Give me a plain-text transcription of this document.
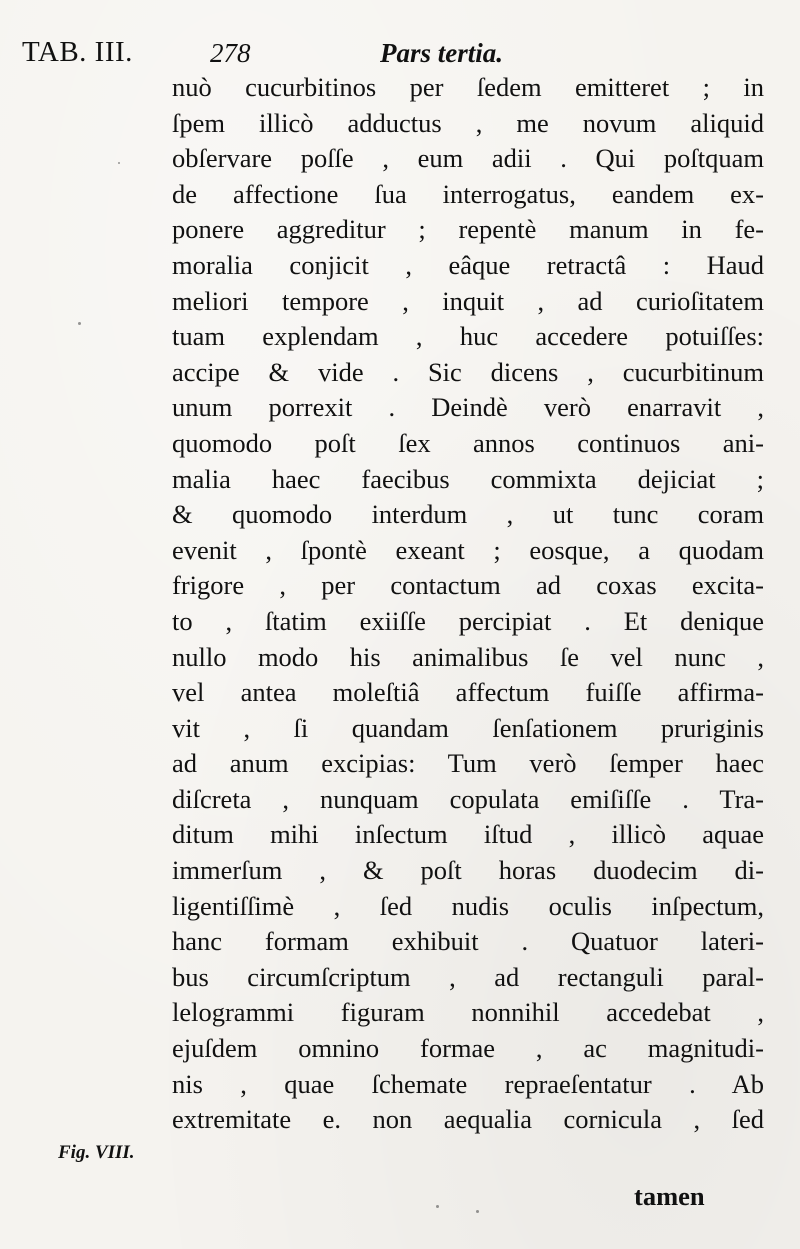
TAB. III.	278	Pars tertia.
nuò cucurbitinos per ſedem emitteret ; in
ſpem illicò adductus , me novum aliquid
obſervare poſſe , eum adii . Qui poſtquam
de affectione ſua interrogatus, eandem ex-
ponere aggreditur ; repentè manum in fe-
moralia conjicit , eâque retractâ : Haud
meliori tempore , inquit , ad curioſitatem
tuam explendam , huc accedere potuiſſes:
accipe & vide . Sic dicens , cucurbitinum
unum porrexit . Deindè verò enarravit ,
quomodo poſt ſex annos continuos ani-
malia haec faecibus commixta dejiciat ;
& quomodo interdum , ut tunc coram
evenit , ſpontè exeant ; eosque, a quodam
frigore , per contactum ad coxas excita-
to , ſtatim exiiſſe percipiat . Et denique
nullo modo his animalibus ſe vel nunc ,
vel antea moleſtiâ affectum fuiſſe affirma-
vit , ſi quandam ſenſationem pruriginis
ad anum excipias: Tum verò ſemper haec
diſcreta , nunquam copulata emiſiſſe . Tra-
ditum mihi inſectum iſtud , illicò aquae
immerſum , & poſt horas duodecim di-
ligentiſſimè , ſed nudis oculis inſpectum,
hanc formam exhibuit . Quatuor lateri-
bus circumſcriptum , ad rectanguli paral-
lelogrammi figuram nonnihil accedebat ,
ejuſdem omnino formae , ac magnitudi-
nis , quae ſchemate repraeſentatur . Ab
extremitate e. non aequalia cornicula , ſed
Fig. VIII.
tamen
